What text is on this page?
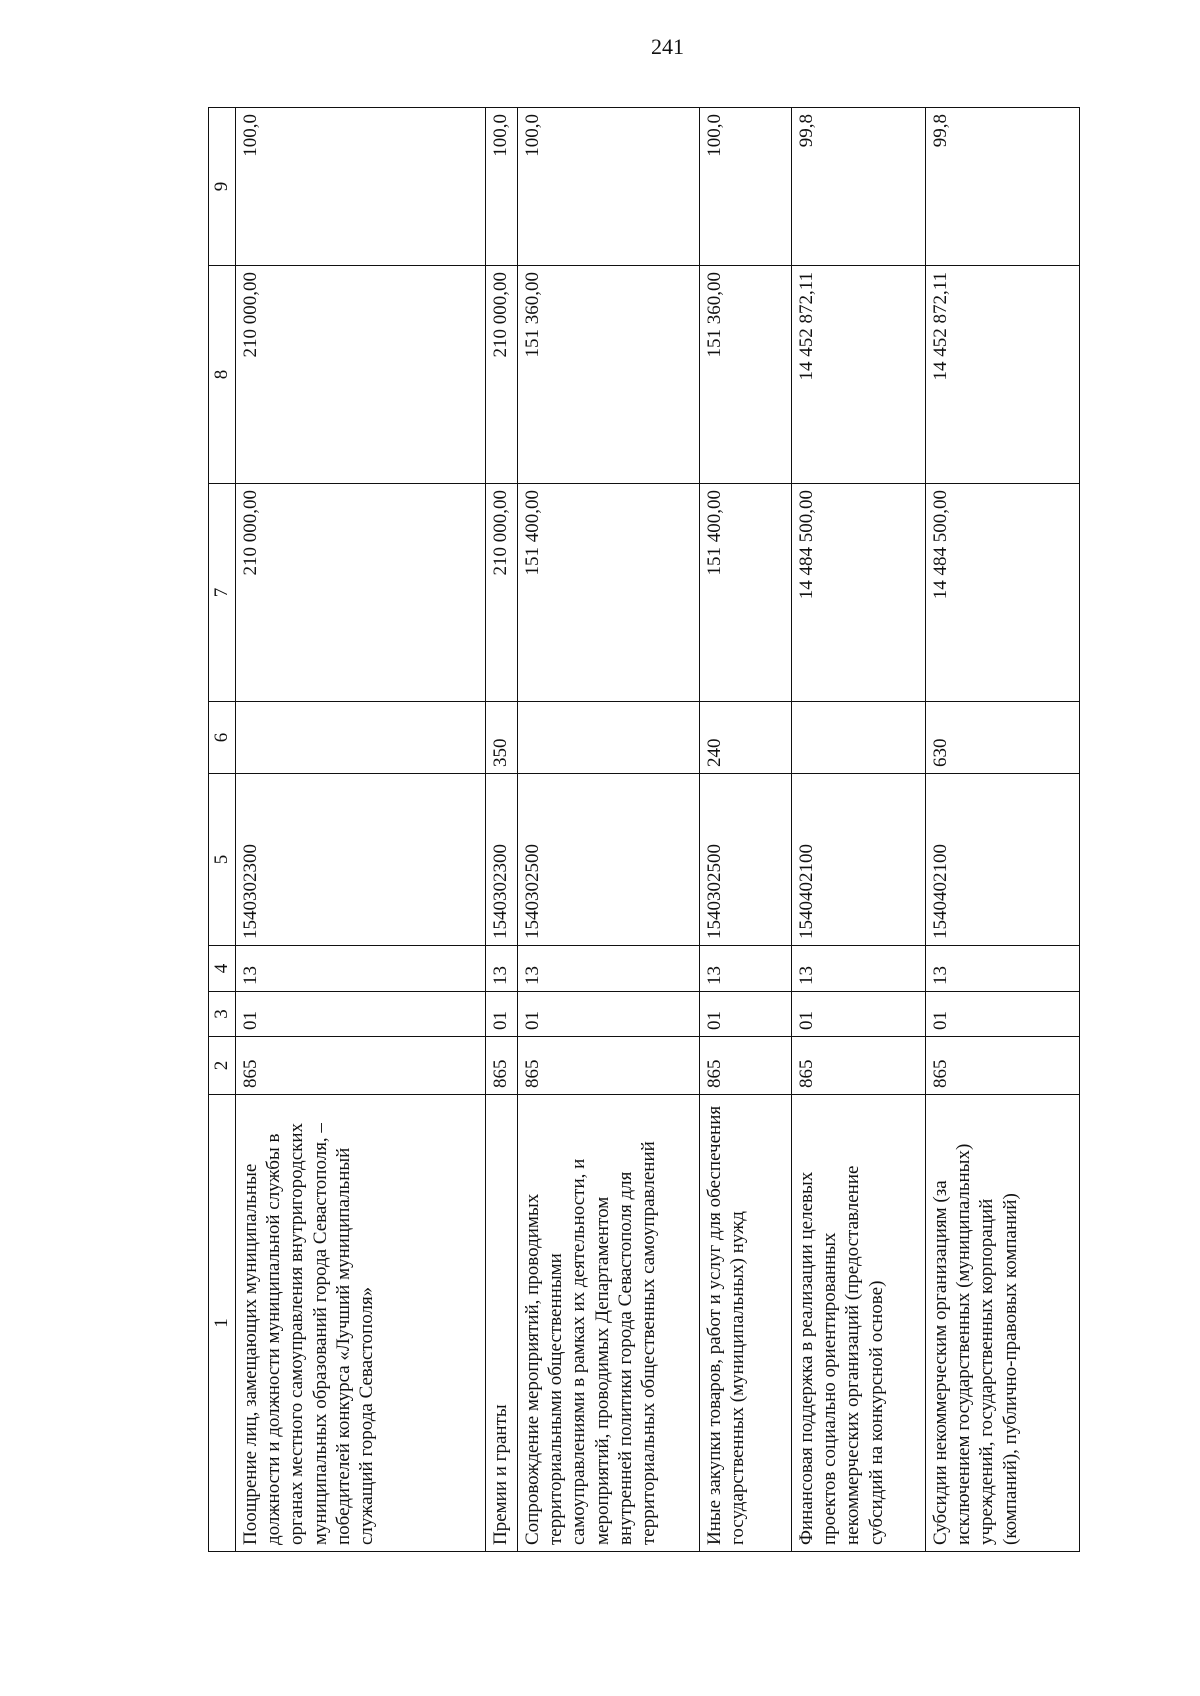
241
1	2	3	4	5	6	7	8	9
Поощрение лиц, замещающих муниципальные должности и должности муниципальной службы в органах местного самоуправления внутригородских муниципальных образований города Севастополя, – победителей конкурса «Лучший муниципальный служащий города Севастополя»	865	01	13	1540302300		210 000,00	210 000,00	100,0
Премии и гранты	865	01	13	1540302300	350	210 000,00	210 000,00	100,0
Сопровождение мероприятий, проводимых территориальными общественными самоуправлениями в рамках их деятельности, и мероприятий, проводимых Департаментом внутренней политики города Севастополя для территориальных общественных самоуправлений	865	01	13	1540302500		151 400,00	151 360,00	100,0
Иные закупки товаров, работ и услуг для обеспечения государственных (муниципальных) нужд	865	01	13	1540302500	240	151 400,00	151 360,00	100,0
Финансовая поддержка в реализации целевых проектов социально ориентированных некоммерческих организаций (предоставление субсидий на конкурсной основе)	865	01	13	1540402100		14 484 500,00	14 452 872,11	99,8
Субсидии некоммерческим организациям (за исключением государственных (муниципальных) учреждений, государственных корпораций (компаний), публично-правовых компаний)	865	01	13	1540402100	630	14 484 500,00	14 452 872,11	99,8
